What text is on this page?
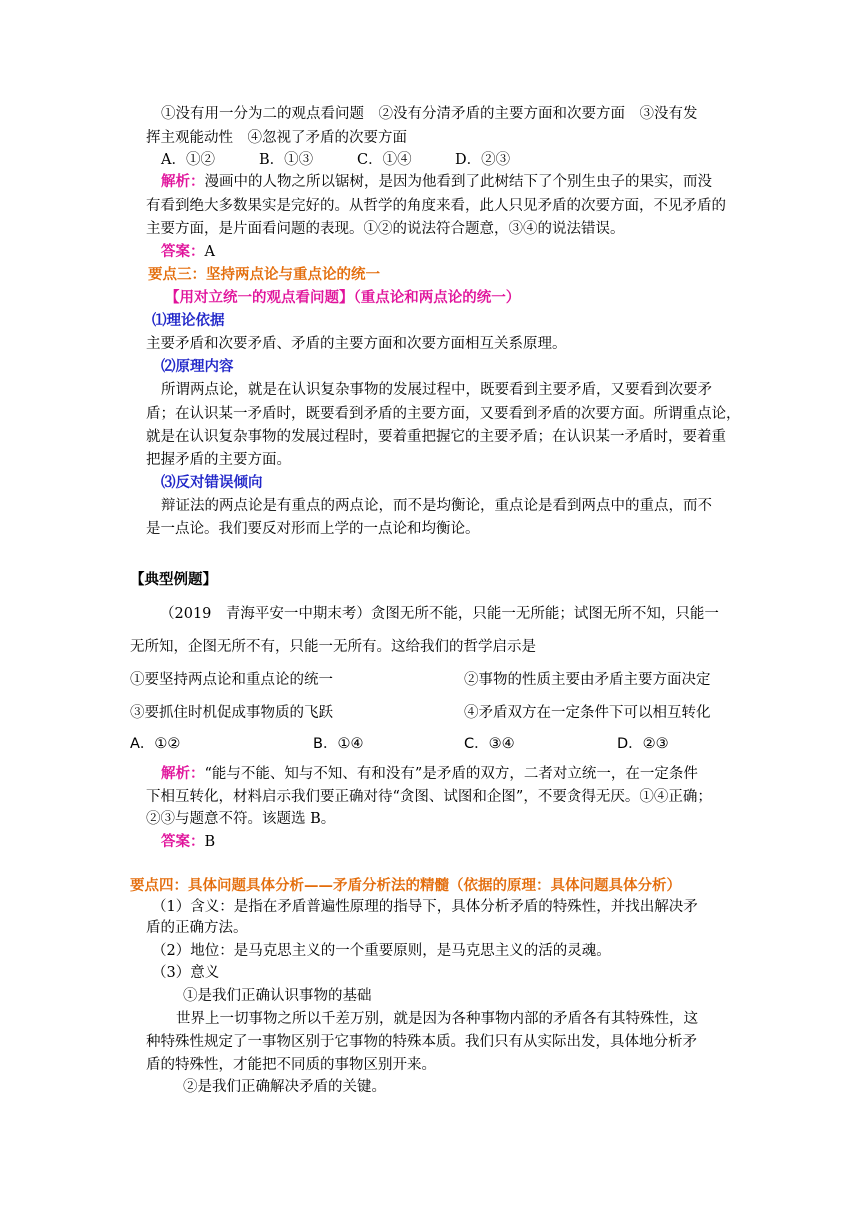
①没有用一分为二的观点看问题　②没有分清矛盾的主要方面和次要方面　③没有发
挥主观能动性　④忽视了矛盾的次要方面
A．①②	B．①③	C．①④	D．②③
解析：漫画中的人物之所以锯树，是因为他看到了此树结下了个别生虫子的果实，而没
有看到绝大多数果实是完好的。从哲学的角度来看，此人只见矛盾的次要方面，不见矛盾的
主要方面，是片面看问题的表现。①②的说法符合题意，③④的说法错误。
答案：A
要点三：坚持两点论与重点论的统一
【用对立统一的观点看问题】（重点论和两点论的统一）
⑴理论依据
主要矛盾和次要矛盾、矛盾的主要方面和次要方面相互关系原理。
⑵原理内容
所谓两点论，就是在认识复杂事物的发展过程中，既要看到主要矛盾，又要看到次要矛
盾；在认识某一矛盾时，既要看到矛盾的主要方面，又要看到矛盾的次要方面。所谓重点论，
就是在认识复杂事物的发展过程时，要着重把握它的主要矛盾；在认识某一矛盾时，要着重
把握矛盾的主要方面。
⑶反对错误倾向
辩证法的两点论是有重点的两点论，而不是均衡论，重点论是看到两点中的重点，而不
是一点论。我们要反对形而上学的一点论和均衡论。
【典型例题】
（2019　青海平安一中期末考）贪图无所不能，只能一无所能；试图无所不知，只能一
无所知，企图无所不有，只能一无所有。这给我们的哲学启示是
①要坚持两点论和重点论的统一	②事物的性质主要由矛盾主要方面决定
③要抓住时机促成事物质的飞跃	④矛盾双方在一定条件下可以相互转化
A．①②	B．①④	C．③④	D．②③
解析：“能与不能、知与不知、有和没有”是矛盾的双方，二者对立统一，在一定条件
下相互转化，材料启示我们要正确对待“贪图、试图和企图”，不要贪得无厌。①④正确；
②③与题意不符。该题选 B。
答案：B
要点四：具体问题具体分析——矛盾分析法的精髓（依据的原理：具体问题具体分析）
（1）含义：是指在矛盾普遍性原理的指导下，具体分析矛盾的特殊性，并找出解决矛
盾的正确方法。
（2）地位：是马克思主义的一个重要原则，是马克思主义的活的灵魂。
（3）意义
①是我们正确认识事物的基础
世界上一切事物之所以千差万别，就是因为各种事物内部的矛盾各有其特殊性，这
种特殊性规定了一事物区别于它事物的特殊本质。我们只有从实际出发，具体地分析矛
盾的特殊性，才能把不同质的事物区别开来。
②是我们正确解决矛盾的关键。
